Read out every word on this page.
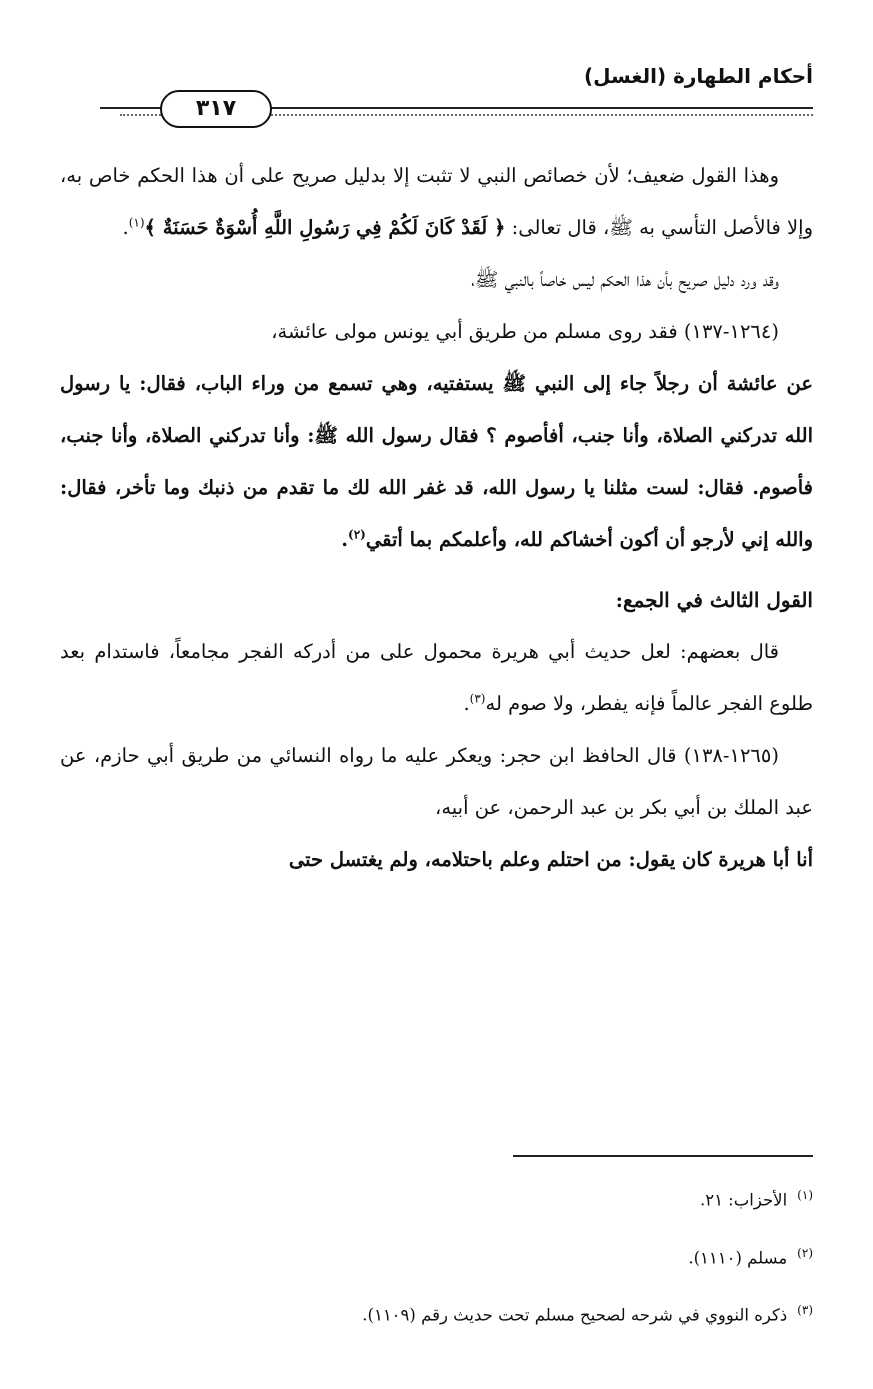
أحكام الطهارة (الغسل)
٣١٧

وهذا القول ضعيف؛ لأن خصائص النبي لا تثبت إلا بدليل صريح على أن هذا الحكم خاص به، وإلا فالأصل التأسي به ﷺ، قال تعالى: ﴿ لَقَدْ كَانَ لَكُمْ فِي رَسُولِ اللَّهِ أُسْوَةٌ حَسَنَةٌ ﴾$^{(١)}$.

وقد ورد دليل صريح بأن هذا الحكم ليس خاصاً بالنبي ﷺ،

(١٢٦٤-١٣٧) فقد روى مسلم من طريق أبي يونس مولى عائشة،

عن عائشة أن رجلاً جاء إلى النبي ﷺ يستفتيه، وهي تسمع من وراء الباب، فقال: يا رسول الله تدركني الصلاة، وأنا جنب، أفأصوم ؟ فقال رسول الله ﷺ: وأنا تدركني الصلاة، وأنا جنب، فأصوم. فقال: لست مثلنا يا رسول الله، قد غفر الله لك ما تقدم من ذنبك وما تأخر، فقال: والله إني لأرجو أن أكون أخشاكم لله، وأعلمكم بما أتقي$^{(٢)}$.

القول الثالث في الجمع:

قال بعضهم: لعل حديث أبي هريرة محمول على من أدركه الفجر مجامعاً، فاستدام بعد طلوع الفجر عالماً فإنه يفطر، ولا صوم له$^{(٣)}$.

(١٢٦٥-١٣٨) قال الحافظ ابن حجر: ويعكر عليه ما رواه النسائي من طريق أبي حازم، عن عبد الملك بن أبي بكر بن عبد الرحمن، عن أبيه،

أنا أبا هريرة كان يقول: من احتلم وعلم باحتلامه، ولم يغتسل حتى

$^{(١)}$الأحزاب: ٢١.

$^{(٢)}$مسلم (١١١٠).

$^{(٣)}$ذكره النووي في شرحه لصحيح مسلم تحت حديث رقم (١١٠٩).
